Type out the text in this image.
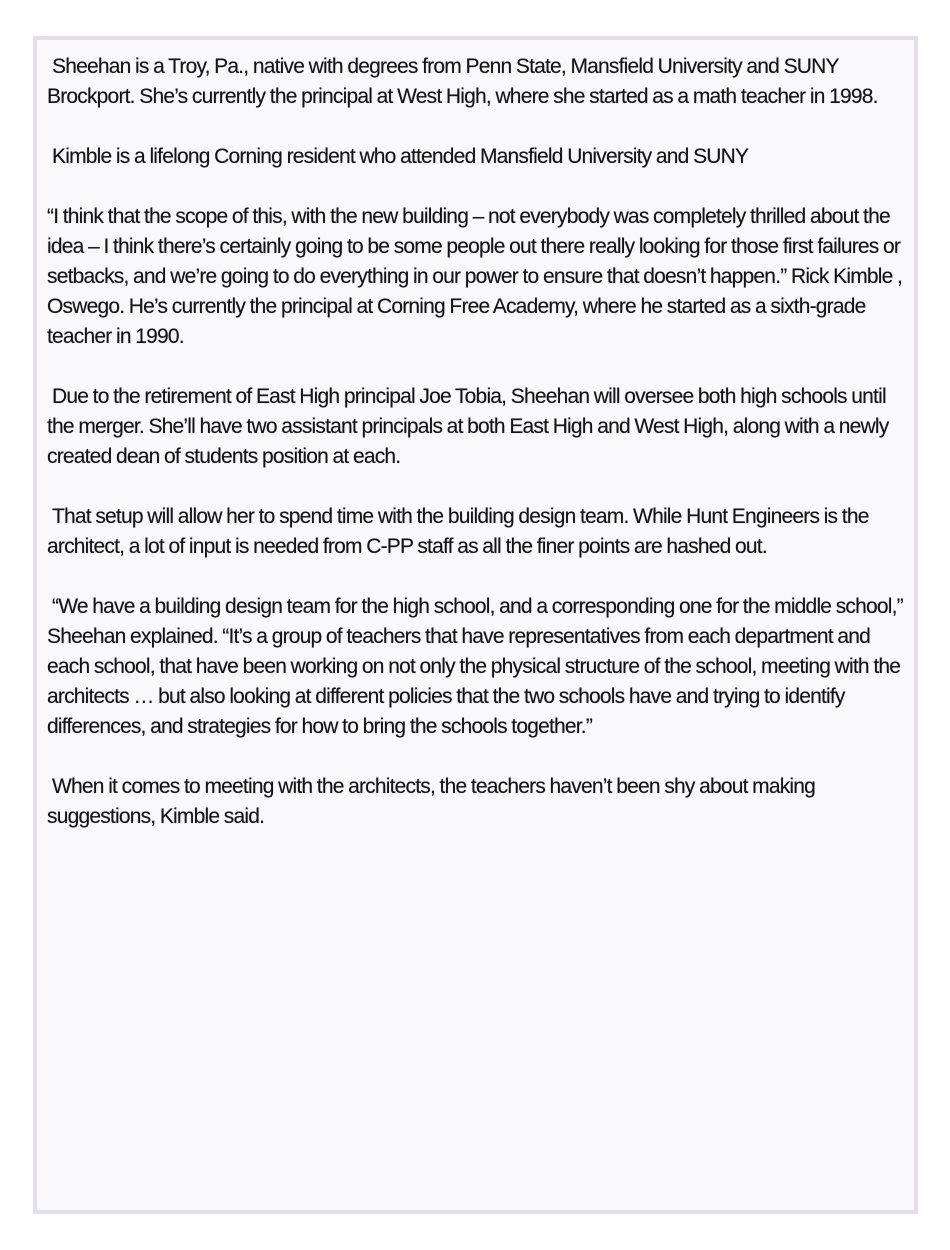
Sheehan is a Troy, Pa., native with degrees from Penn State, Mansfield University and SUNY Brockport. She’s currently the principal at West High, where she started as a math teacher in 1998.

Kimble is a lifelong Corning resident who attended Mansfield University and SUNY

“I think that the scope of this, with the new building – not everybody was completely thrilled about the idea – I think there’s certainly going to be some people out there really looking for those first failures or setbacks, and we’re going to do everything in our power to ensure that doesn’t happen.” Rick Kimble , Oswego. He’s currently the principal at Corning Free Academy, where he started as a sixth-grade teacher in 1990.

Due to the retirement of East High principal Joe Tobia, Sheehan will oversee both high schools until the merger. She’ll have two assistant principals at both East High and West High, along with a newly created dean of students position at each.

That setup will allow her to spend time with the building design team. While Hunt Engineers is the architect, a lot of input is needed from C-PP staff as all the finer points are hashed out.

“We have a building design team for the high school, and a corresponding one for the middle school,” Sheehan explained. “It’s a group of teachers that have representatives from each department and each school, that have been working on not only the physical structure of the school, meeting with the architects … but also looking at different policies that the two schools have and trying to identify differences, and strategies for how to bring the schools together.”

When it comes to meeting with the architects, the teachers haven’t been shy about making suggestions, Kimble said.
